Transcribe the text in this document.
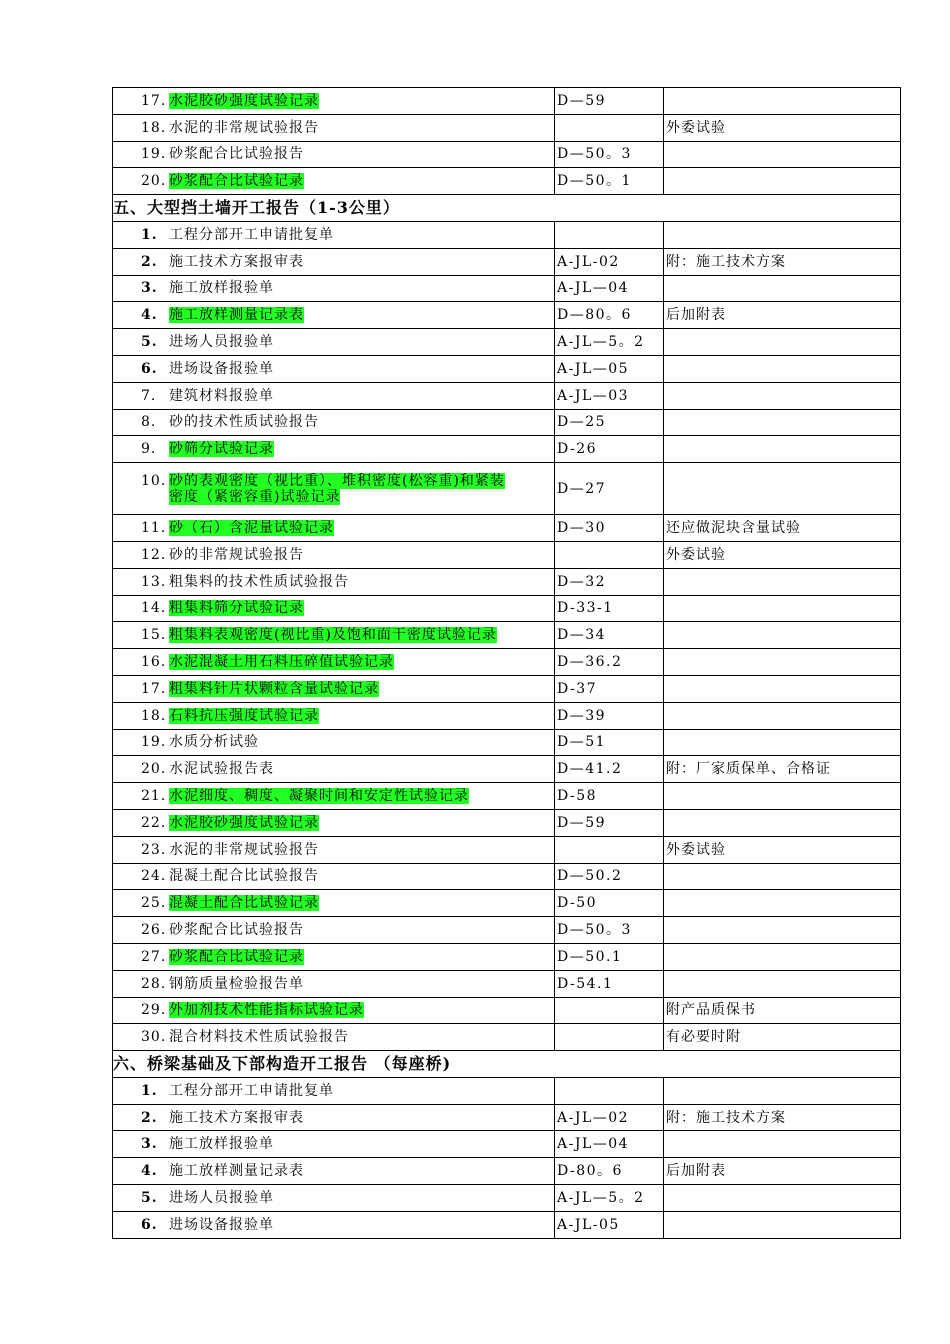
17. 水泥胶砂强度试验记录	D—59	
18. 水泥的非常规试验报告		外委试验
19. 砂浆配合比试验报告	D—50。3	
20. 砂浆配合比试验记录	D—50。1	
五、大型挡土墙开工报告（1-3公里）		
1. 工程分部开工申请批复单		
2. 施工技术方案报审表	A-JL-02	附：施工技术方案
3. 施工放样报验单	A-JL—04	
4. 施工放样测量记录表	D—80。6	后加附表
5. 进场人员报验单	A-JL—5。2	
6. 进场设备报验单	A-JL—05	
7. 建筑材料报验单	A-JL—03	
8. 砂的技术性质试验报告	D—25	
9. 砂筛分试验记录	D-26	
10. 砂的表观密度（视比重）、堆积密度(松容重)和紧装
密度（紧密容重)试验记录	D—27	
11. 砂（石）含泥量试验记录	D—30	还应做泥块含量试验
12. 砂的非常规试验报告		外委试验
13. 粗集料的技术性质试验报告	D—32	
14. 粗集料筛分试验记录	D-33-1	
15. 粗集料表观密度(视比重)及饱和面干密度试验记录	D—34	
16. 水泥混凝土用石料压碎值试验记录	D—36.2	
17. 粗集料针片状颗粒含量试验记录	D-37	
18. 石料抗压强度试验记录	D—39	
19. 水质分析试验	D—51	
20. 水泥试验报告表	D—41.2	附：厂家质保单、合格证
21. 水泥细度、稠度、凝聚时间和安定性试验记录	D-58	
22. 水泥胶砂强度试验记录	D—59	
23. 水泥的非常规试验报告		外委试验
24. 混凝土配合比试验报告	D—50.2	
25. 混凝土配合比试验记录	D-50	
26. 砂浆配合比试验报告	D—50。3	
27. 砂浆配合比试验记录	D—50.1	
28. 钢筋质量检验报告单	D-54.1	
29. 外加剂技术性能指标试验记录		附产品质保书
30. 混合材料技术性质试验报告		有必要时附
六、桥梁基础及下部构造开工报告 （每座桥)		
1. 工程分部开工申请批复单		
2. 施工技术方案报审表	A-JL—02	附：施工技术方案
3. 施工放样报验单	A-JL—04	
4. 施工放样测量记录表	D-80。6	后加附表
5. 进场人员报验单	A-JL—5。2	
6. 进场设备报验单	A-JL-05	
